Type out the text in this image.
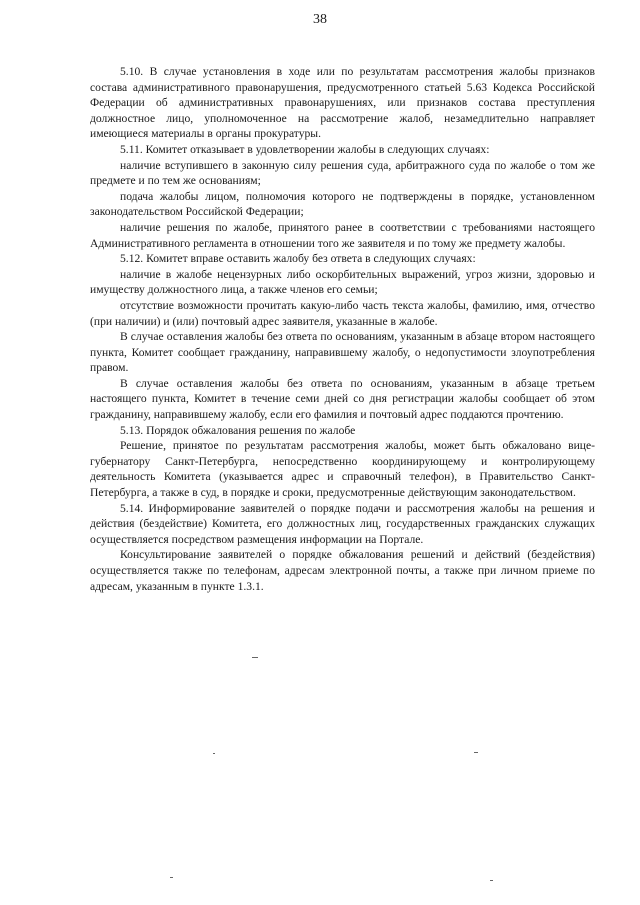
38

5.10. В случае установления в ходе или по результатам рассмотрения жалобы признаков состава административного правонарушения, предусмотренного статьей 5.63 Кодекса Российской Федерации об административных правонарушениях, или признаков состава преступления должностное лицо, уполномоченное на рассмотрение жалоб, незамедлительно направляет имеющиеся материалы в органы прокуратуры.

5.11. Комитет отказывает в удовлетворении жалобы в следующих случаях:

наличие вступившего в законную силу решения суда, арбитражного суда по жалобе о том же предмете и по тем же основаниям;

подача жалобы лицом, полномочия которого не подтверждены в порядке, установленном законодательством Российской Федерации;

наличие решения по жалобе, принятого ранее в соответствии с требованиями настоящего Административного регламента в отношении того же заявителя и по тому же предмету жалобы.

5.12. Комитет вправе оставить жалобу без ответа в следующих случаях:

наличие в жалобе нецензурных либо оскорбительных выражений, угроз жизни, здоровью и имуществу должностного лица, а также членов его семьи;

отсутствие возможности прочитать какую-либо часть текста жалобы, фамилию, имя, отчество (при наличии) и (или) почтовый адрес заявителя, указанные в жалобе.

В случае оставления жалобы без ответа по основаниям, указанным в абзаце втором настоящего пункта, Комитет сообщает гражданину, направившему жалобу, о недопустимости злоупотребления правом.

В случае оставления жалобы без ответа по основаниям, указанным в абзаце третьем настоящего пункта, Комитет в течение семи дней со дня регистрации жалобы сообщает об этом гражданину, направившему жалобу, если его фамилия и почтовый адрес поддаются прочтению.

5.13. Порядок обжалования решения по жалобе

Решение, принятое по результатам рассмотрения жалобы, может быть обжаловано вице-губернатору Санкт-Петербурга, непосредственно координирующему и контролирующему деятельность Комитета (указывается адрес и справочный телефон), в Правительство Санкт-Петербурга, а также в суд, в порядке и сроки, предусмотренные действующим законодательством.

5.14. Информирование заявителей о порядке подачи и рассмотрения жалобы на решения и действия (бездействие) Комитета, его должностных лиц, государственных гражданских служащих осуществляется посредством размещения информации на Портале.

Консультирование заявителей о порядке обжалования решений и действий (бездействия) осуществляется также по телефонам, адресам электронной почты, а также при личном приеме по адресам, указанным в пункте 1.3.1.
